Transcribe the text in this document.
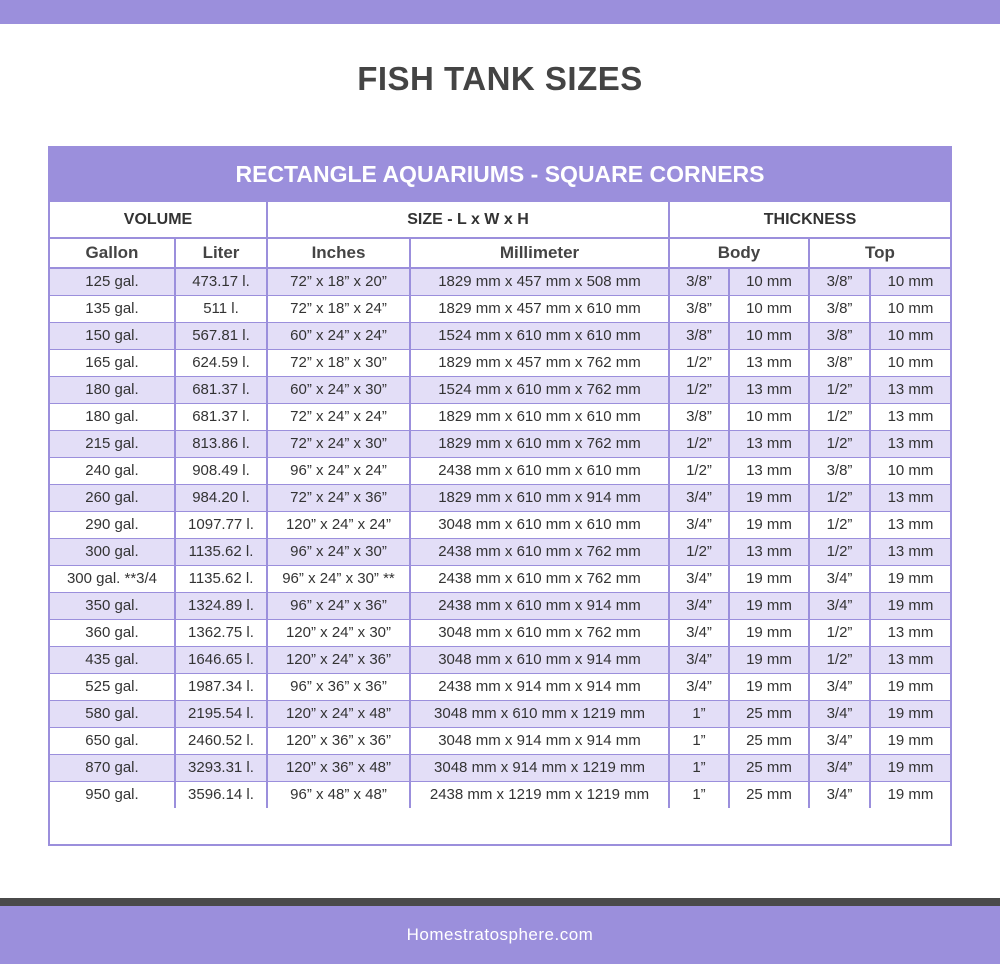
FISH TANK SIZES
RECTANGLE AQUARIUMS - SQUARE CORNERS							
VOLUME		SIZE - L x W x H		THICKNESS			
Gallon	Liter	Inches	Millimeter	Body		Top	
125 gal.	473.17 l.	72” x 18” x 20”	1829 mm x 457 mm x 508 mm	3/8”	10 mm	3/8”	10 mm
135 gal.	511 l.	72” x 18” x 24”	1829 mm x 457 mm x 610 mm	3/8”	10 mm	3/8”	10 mm
150 gal.	567.81 l.	60” x 24” x 24”	1524 mm x 610 mm x 610 mm	3/8”	10 mm	3/8”	10 mm
165 gal.	624.59 l.	72” x 18” x 30”	1829 mm x 457 mm x 762 mm	1/2”	13 mm	3/8”	10 mm
180 gal.	681.37 l.	60” x 24” x 30”	1524 mm x 610 mm x 762 mm	1/2”	13 mm	1/2”	13 mm
180 gal.	681.37 l.	72” x 24” x 24”	1829 mm x 610 mm x 610 mm	3/8”	10 mm	1/2”	13 mm
215 gal.	813.86 l.	72” x 24” x 30”	1829 mm x 610 mm x 762 mm	1/2”	13 mm	1/2”	13 mm
240 gal.	908.49 l.	96” x 24” x 24”	2438 mm x 610 mm x 610 mm	1/2”	13 mm	3/8”	10 mm
260 gal.	984.20 l.	72” x 24” x 36”	1829 mm x 610 mm x 914 mm	3/4”	19 mm	1/2”	13 mm
290 gal.	1097.77 l.	120” x 24” x 24”	3048 mm x 610 mm x 610 mm	3/4”	19 mm	1/2”	13 mm
300 gal.	1135.62 l.	96” x 24” x 30”	2438 mm x 610 mm x 762 mm	1/2”	13 mm	1/2”	13 mm
300 gal. **3/4	1135.62 l.	96” x 24” x 30” **	2438 mm x 610 mm x 762 mm	3/4”	19 mm	3/4”	19 mm
350 gal.	1324.89 l.	96” x 24” x 36”	2438 mm x 610 mm x 914 mm	3/4”	19 mm	3/4”	19 mm
360 gal.	1362.75 l.	120” x 24” x 30”	3048 mm x 610 mm x 762 mm	3/4”	19 mm	1/2”	13 mm
435 gal.	1646.65 l.	120” x 24” x 36”	3048 mm x 610 mm x 914 mm	3/4”	19 mm	1/2”	13 mm
525 gal.	1987.34 l.	96” x 36” x 36”	2438 mm x 914 mm x 914 mm	3/4”	19 mm	3/4”	19 mm
580 gal.	2195.54 l.	120” x 24” x 48”	3048 mm x 610 mm x 1219 mm	1”	25 mm	3/4”	19 mm
650 gal.	2460.52 l.	120” x 36” x 36”	3048 mm x 914 mm x 914 mm	1”	25 mm	3/4”	19 mm
870 gal.	3293.31 l.	120” x 36” x 48”	3048 mm x 914 mm x 1219 mm	1”	25 mm	3/4”	19 mm
950 gal.	3596.14 l.	96” x 48” x 48”	2438 mm x 1219 mm x 1219 mm	1”	25 mm	3/4”	19 mm
Homestratosphere.com
